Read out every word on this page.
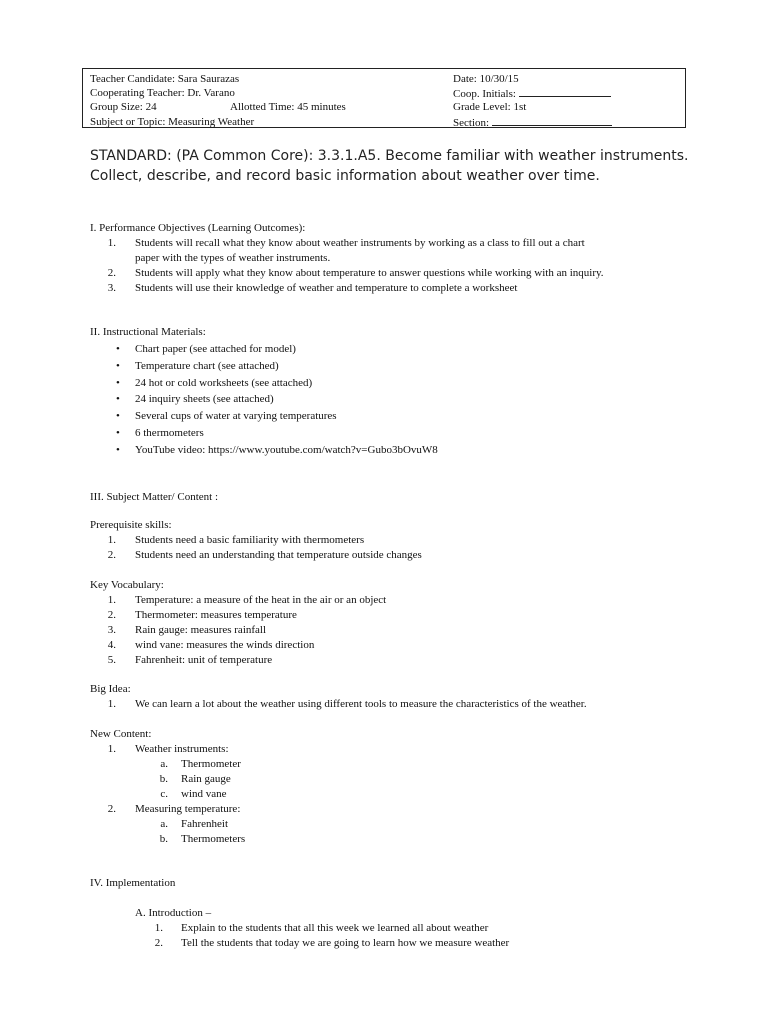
Teacher Candidate: Sara Saurazas
Cooperating Teacher: Dr. Varano
Group Size: 24	Allotted Time: 45 minutes
Subject or Topic: Measuring Weather
Date: 10/30/15
Coop. Initials:
Grade Level: 1st
Section:
STANDARD: (PA Common Core): 3.3.1.A5. Become familiar with weather instruments. Collect, describe, and record basic information about weather over time.
I. Performance Objectives (Learning Outcomes):
1. Students will recall what they know about weather instruments by working as a class to fill out a chart
paper with the types of weather instruments.
2. Students will apply what they know about temperature to answer questions while working with an inquiry.
3. Students will use their knowledge of weather and temperature to complete a worksheet
II. Instructional Materials:
• Chart paper (see attached for model)
• Temperature chart (see attached)
• 24 hot or cold worksheets (see attached)
• 24 inquiry sheets (see attached)
• Several cups of water at varying temperatures
• 6 thermometers
• YouTube video: https://www.youtube.com/watch?v=Gubo3bOvuW8
III. Subject Matter/ Content :
Prerequisite skills:
1. Students need a basic familiarity with thermometers
2. Students need an understanding that temperature outside changes
Key Vocabulary:
1. Temperature: a measure of the heat in the air or an object
2. Thermometer: measures temperature
3. Rain gauge: measures rainfall
4. wind vane: measures the winds direction
5. Fahrenheit: unit of temperature
Big Idea:
1. We can learn a lot about the weather using different tools to measure the characteristics of the weather.
New Content:
1. Weather instruments:
a. Thermometer
b. Rain gauge
c. wind vane
2. Measuring temperature:
a. Fahrenheit
b. Thermometers
IV. Implementation
A. Introduction –
1. Explain to the students that all this week we learned all about weather
2. Tell the students that today we are going to learn how we measure weather
